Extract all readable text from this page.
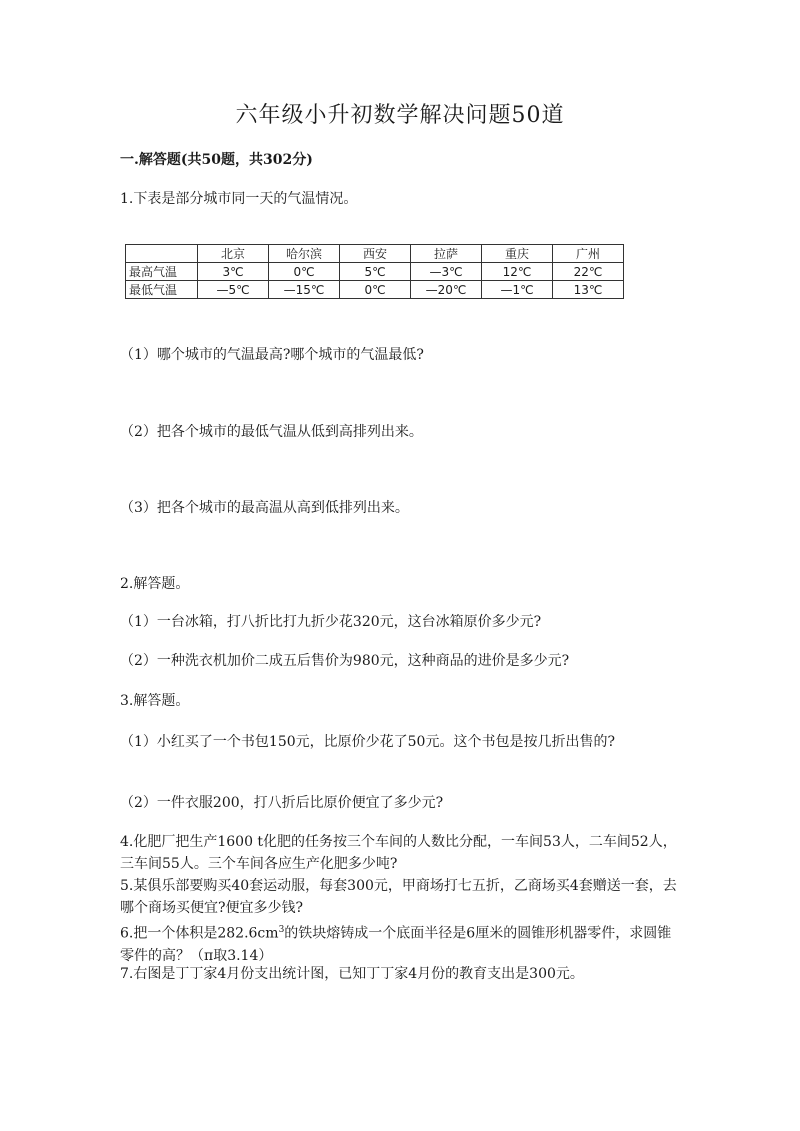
六年级小升初数学解决问题50道
一.解答题(共50题，共302分)
1.下表是部分城市同一天的气温情况。
	北京	哈尔滨	西安	拉萨	重庆	广州
最高气温	3℃	0℃	5℃	—3℃	12℃	22℃
最低气温	—5℃	—15℃	0℃	—20℃	—1℃	13℃
（1）哪个城市的气温最高?哪个城市的气温最低?
（2）把各个城市的最低气温从低到高排列出来。
（3）把各个城市的最高温从高到低排列出来。
2.解答题。
（1）一台冰箱，打八折比打九折少花320元，这台冰箱原价多少元?
（2）一种洗衣机加价二成五后售价为980元，这种商品的进价是多少元?
3.解答题。
（1）小红买了一个书包150元，比原价少花了50元。这个书包是按几折出售的?
（2）一件衣服200，打八折后比原价便宜了多少元?
4.化肥厂把生产1600 t化肥的任务按三个车间的人数比分配，一车间53人，二车间52人，三车间55人。三个车间各应生产化肥多少吨?
5.某俱乐部要购买40套运动服，每套300元，甲商场打七五折，乙商场买4套赠送一套，去哪个商场买便宜?便宜多少钱?
6.把一个体积是$282.6cm^3$的铁块熔铸成一个底面半径是6厘米的圆锥形机器零件，求圆锥零件的高？（π取3.14）
7.右图是丁丁家4月份支出统计图，已知丁丁家4月份的教育支出是300元。
